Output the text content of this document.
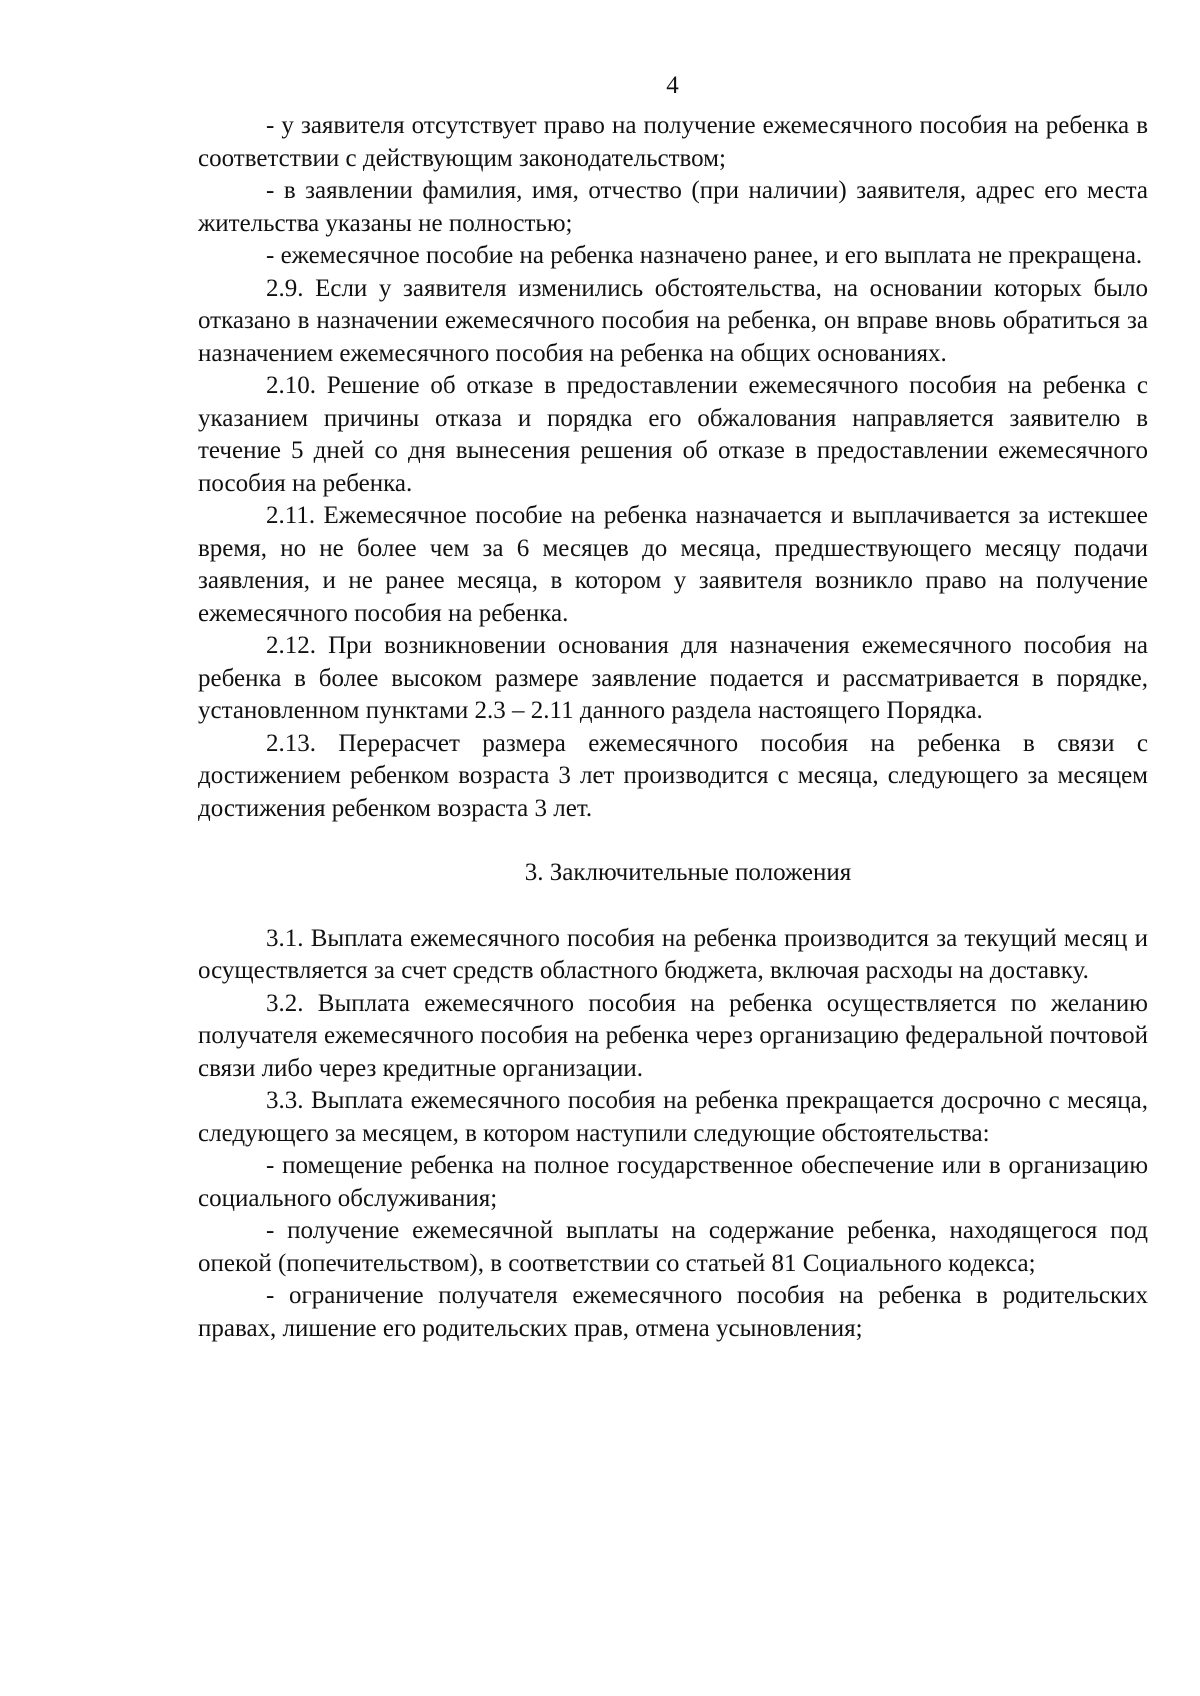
4

- у заявителя отсутствует право на получение ежемесячного пособия на ребенка в соответствии с действующим законодательством;

- в заявлении фамилия, имя, отчество (при наличии) заявителя, адрес его места жительства указаны не полностью;

- ежемесячное пособие на ребенка назначено ранее, и его выплата не прекращена.

2.9. Если у заявителя изменились обстоятельства, на основании которых было отказано в назначении ежемесячного пособия на ребенка, он вправе вновь обратиться за назначением ежемесячного пособия на ребенка на общих основаниях.

2.10. Решение об отказе в предоставлении ежемесячного пособия на ребенка с указанием причины отказа и порядка его обжалования направляется заявителю в течение 5 дней со дня вынесения решения об отказе в предоставлении ежемесячного пособия на ребенка.

2.11. Ежемесячное пособие на ребенка назначается и выплачивается за истекшее время, но не более чем за 6 месяцев до месяца, предшествующего месяцу подачи заявления, и не ранее месяца, в котором у заявителя возникло право на получение ежемесячного пособия на ребенка.

2.12. При возникновении основания для назначения ежемесячного пособия на ребенка в более высоком размере заявление подается и рассматривается в порядке, установленном пунктами 2.3 – 2.11 данного раздела настоящего Порядка.

2.13. Перерасчет размера ежемесячного пособия на ребенка в связи с достижением ребенком возраста 3 лет производится с месяца, следующего за месяцем достижения ребенком возраста 3 лет.

3. Заключительные положения

3.1. Выплата ежемесячного пособия на ребенка производится за текущий месяц и осуществляется за счет средств областного бюджета, включая расходы на доставку.

3.2. Выплата ежемесячного пособия на ребенка осуществляется по желанию получателя ежемесячного пособия на ребенка через организацию федеральной почтовой связи либо через кредитные организации.

3.3. Выплата ежемесячного пособия на ребенка прекращается досрочно с месяца, следующего за месяцем, в котором наступили следующие обстоятельства:

- помещение ребенка на полное государственное обеспечение или в организацию социального обслуживания;

- получение ежемесячной выплаты на содержание ребенка, находящегося под опекой (попечительством), в соответствии со статьей 81 Социального кодекса;

- ограничение получателя ежемесячного пособия на ребенка в родительских правах, лишение его родительских прав, отмена усыновления;
